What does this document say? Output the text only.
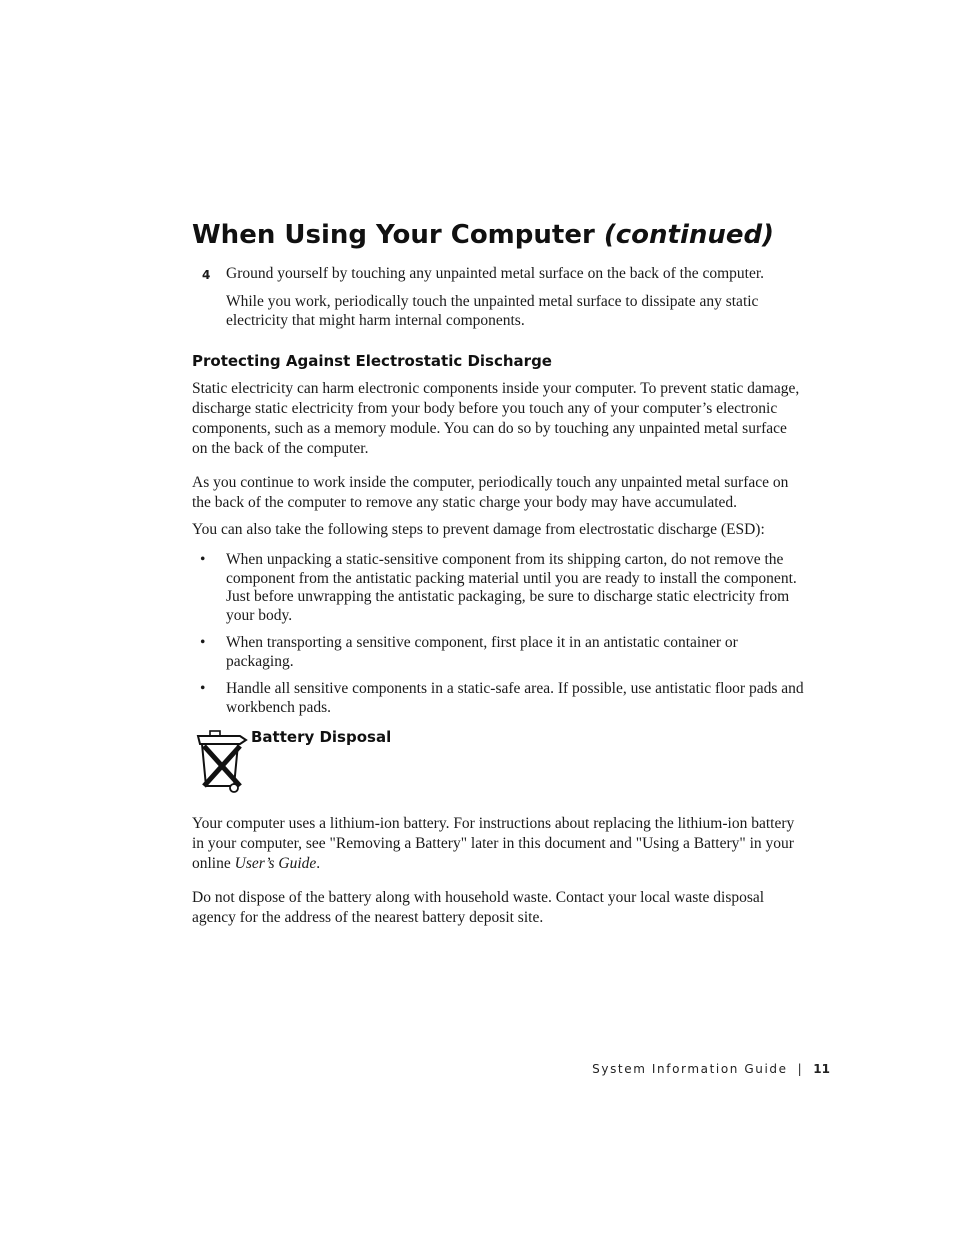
When Using Your Computer (continued)
4 Ground yourself by touching any unpainted metal surface on the back of the computer.

While you work, periodically touch the unpainted metal surface to dissipate any static electricity that might harm internal components.

Protecting Against Electrostatic Discharge

Static electricity can harm electronic components inside your computer. To prevent static damage, discharge static electricity from your body before you touch any of your computer’s electronic components, such as a memory module. You can do so by touching any unpainted metal surface on the back of the computer.

As you continue to work inside the computer, periodically touch any unpainted metal surface on the back of the computer to remove any static charge your body may have accumulated.

You can also take the following steps to prevent damage from electrostatic discharge (ESD):

• When unpacking a static-sensitive component from its shipping carton, do not remove the component from the antistatic packing material until you are ready to install the component. Just before unwrapping the antistatic packaging, be sure to discharge static electricity from your body.
• When transporting a sensitive component, first place it in an antistatic container or packaging.
• Handle all sensitive components in a static-safe area. If possible, use antistatic floor pads and workbench pads.
Battery Disposal

Your computer uses a lithium-ion battery. For instructions about replacing the lithium-ion battery in your computer, see "Removing a Battery" later in this document and "Using a Battery" in your online User’s Guide.

Do not dispose of the battery along with household waste. Contact your local waste disposal agency for the address of the nearest battery deposit site.

System Information Guide | 11
